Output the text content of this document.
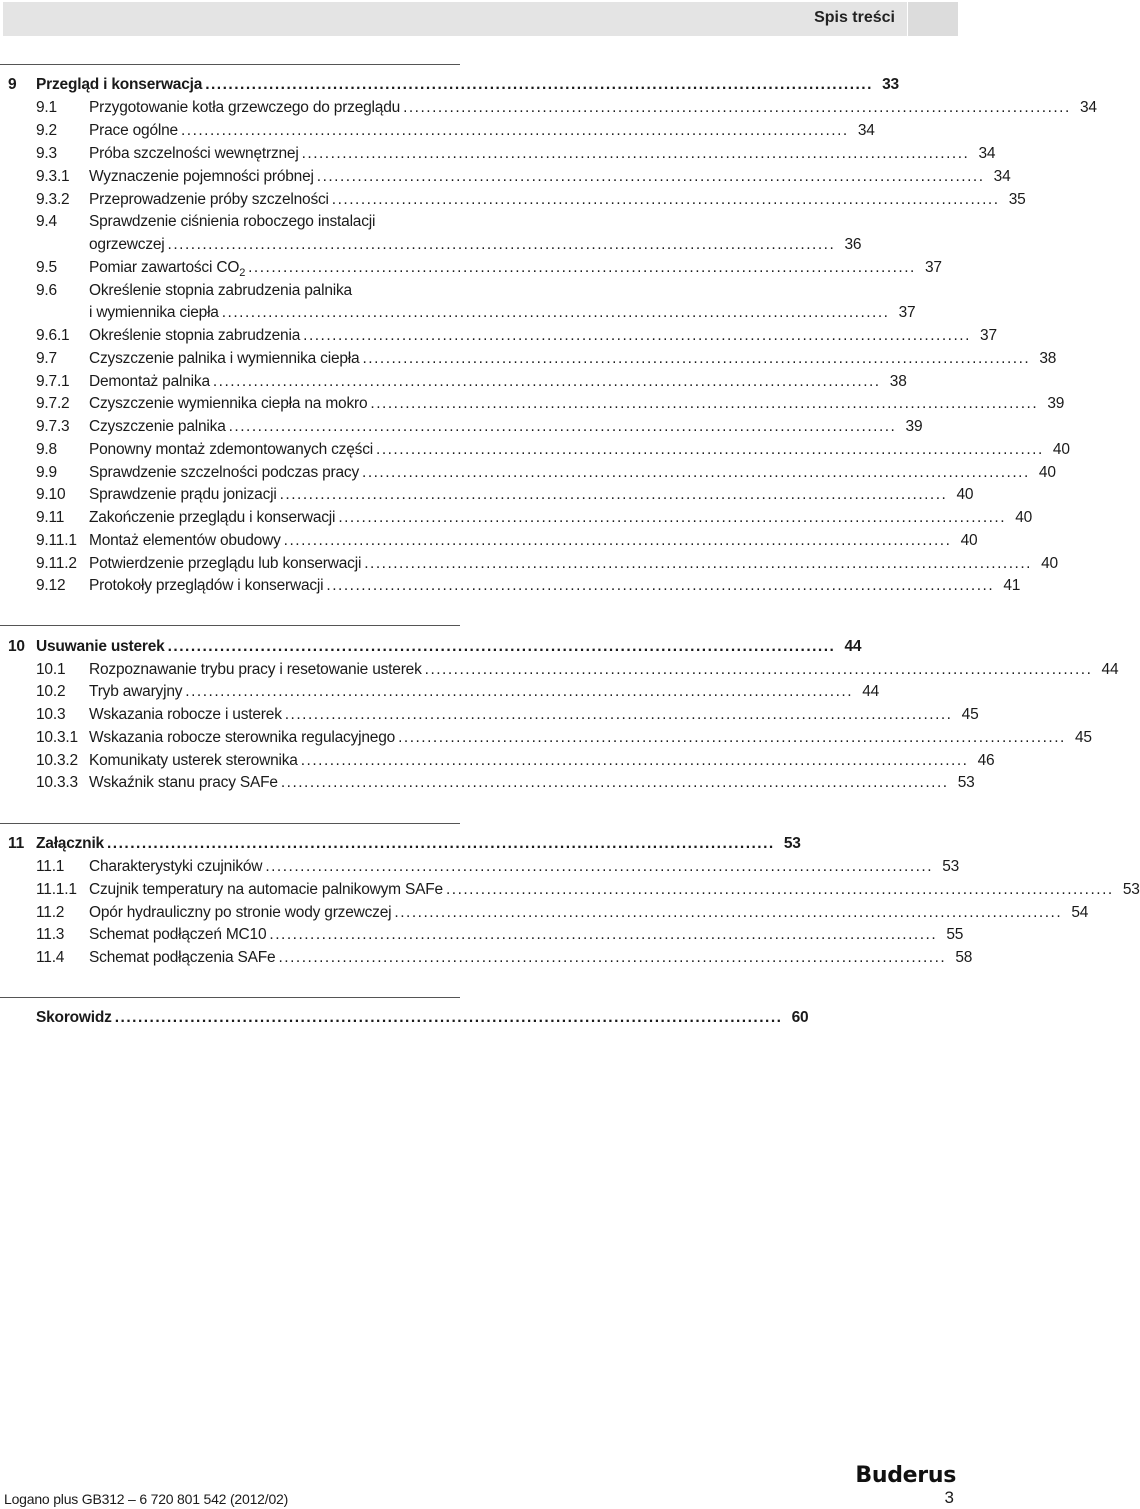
Spis treści
9 Przegląd i konserwacja .....	33
9.1 Przygotowanie kotła grzewczego do przeglądu .....	34
9.2 Prace ogólne .....	34
9.3 Próba szczelności wewnętrznej .....	34
9.3.1 Wyznaczenie pojemności próbnej .....	34
9.3.2 Przeprowadzenie próby szczelności .....	35
9.4 Sprawdzenie ciśnienia roboczego instalacji
ogrzewczej .....	36
9.5 Pomiar zawartości $CO_2$ .....	37
9.6 Określenie stopnia zabrudzenia palnika
i wymiennika ciepła .....	37
9.6.1 Określenie stopnia zabrudzenia .....	37
9.7 Czyszczenie palnika i wymiennika ciepła .....	38
9.7.1 Demontaż palnika .....	38
9.7.2 Czyszczenie wymiennika ciepła na mokro .....	39
9.7.3 Czyszczenie palnika .....	39
9.8 Ponowny montaż zdemontowanych części .....	40
9.9 Sprawdzenie szczelności podczas pracy .....	40
9.10 Sprawdzenie prądu jonizacji .....	40
9.11 Zakończenie przeglądu i konserwacji .....	40
9.11.1 Montaż elementów obudowy .....	40
9.11.2 Potwierdzenie przeglądu lub konserwacji .....	40
9.12 Protokoły przeglądów i konserwacji .....	41
10 Usuwanie usterek .....	44
10.1 Rozpoznawanie trybu pracy i resetowanie usterek .....	44
10.2 Tryb awaryjny .....	44
10.3 Wskazania robocze i usterek .....	45
10.3.1 Wskazania robocze sterownika regulacyjnego .....	45
10.3.2 Komunikaty usterek sterownika .....	46
10.3.3 Wskaźnik stanu pracy SAFe .....	53
11 Załącznik .....	53
11.1 Charakterystyki czujników .....	53
11.1.1 Czujnik temperatury na automacie palnikowym SAFe .....	53
11.2 Opór hydrauliczny po stronie wody grzewczej .....	54
11.3 Schemat podłączeń MC10 .....	55
11.4 Schemat podłączenia SAFe .....	58
Skorowidz .....	60
Buderus
Logano plus GB312 – 6 720 801 542 (2012/02)	3
